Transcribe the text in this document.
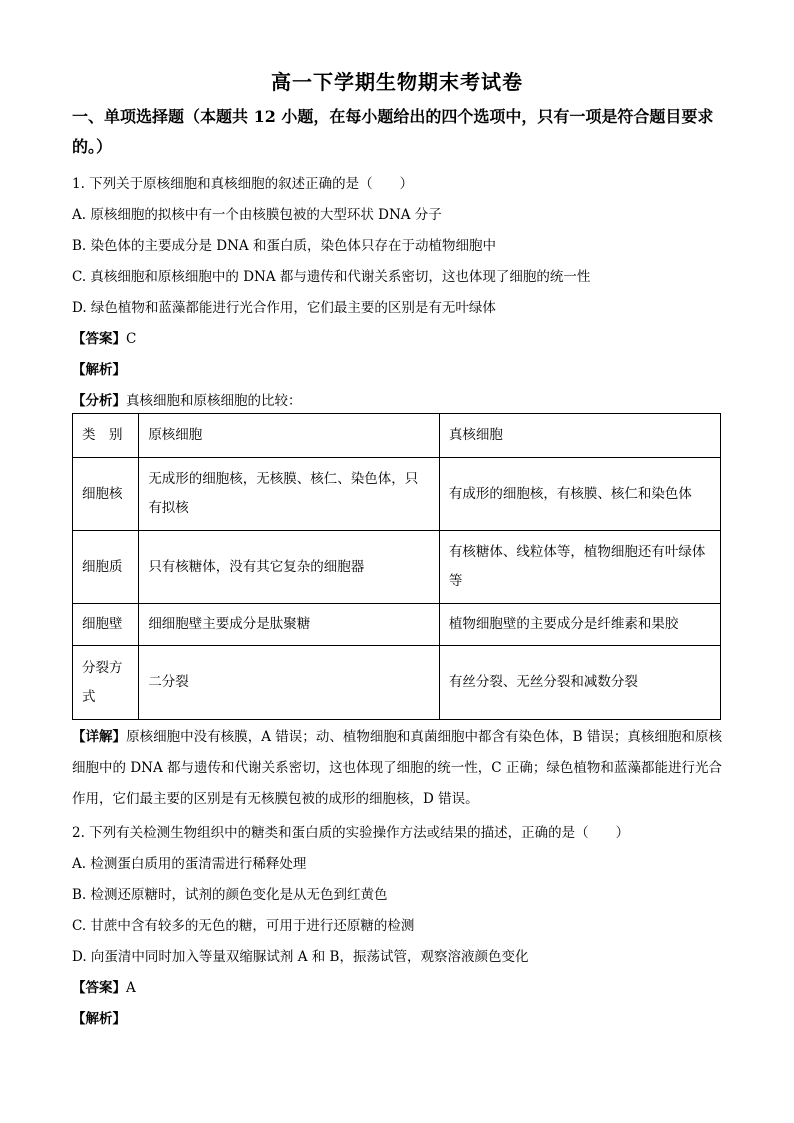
高一下学期生物期末考试卷
一、单项选择题（本题共 12 小题，在每小题给出的四个选项中，只有一项是符合题目要求的。）
1. 下列关于原核细胞和真核细胞的叙述正确的是（　　）
A. 原核细胞的拟核中有一个由核膜包被的大型环状 DNA 分子
B. 染色体的主要成分是 DNA 和蛋白质，染色体只存在于动植物细胞中
C. 真核细胞和原核细胞中的 DNA 都与遗传和代谢关系密切，这也体现了细胞的统一性
D. 绿色植物和蓝藻都能进行光合作用，它们最主要的区别是有无叶绿体
【答案】C
【解析】
【分析】真核细胞和原核细胞的比较：
类　别	原核细胞	真核细胞
细胞核	无成形的细胞核，无核膜、核仁、染色体，只有拟核	有成形的细胞核，有核膜、核仁和染色体
细胞质	只有核糖体，没有其它复杂的细胞器	有核糖体、线粒体等，植物细胞还有叶绿体等
细胞壁	细细胞壁主要成分是肽聚糖	植物细胞壁的主要成分是纤维素和果胶
分裂方式	二分裂	有丝分裂、无丝分裂和减数分裂
【详解】原核细胞中没有核膜，A 错误；动、植物细胞和真菌细胞中都含有染色体，B 错误；真核细胞和原核细胞中的 DNA 都与遗传和代谢关系密切，这也体现了细胞的统一性，C 正确；绿色植物和蓝藻都能进行光合作用，它们最主要的区别是有无核膜包被的成形的细胞核，D 错误。
2. 下列有关检测生物组织中的糖类和蛋白质的实验操作方法或结果的描述，正确的是（　　）
A. 检测蛋白质用的蛋清需进行稀释处理
B. 检测还原糖时，试剂的颜色变化是从无色到红黄色
C. 甘蔗中含有较多的无色的糖，可用于进行还原糖的检测
D. 向蛋清中同时加入等量双缩脲试剂 A 和 B，振荡试管，观察溶液颜色变化
【答案】A
【解析】
